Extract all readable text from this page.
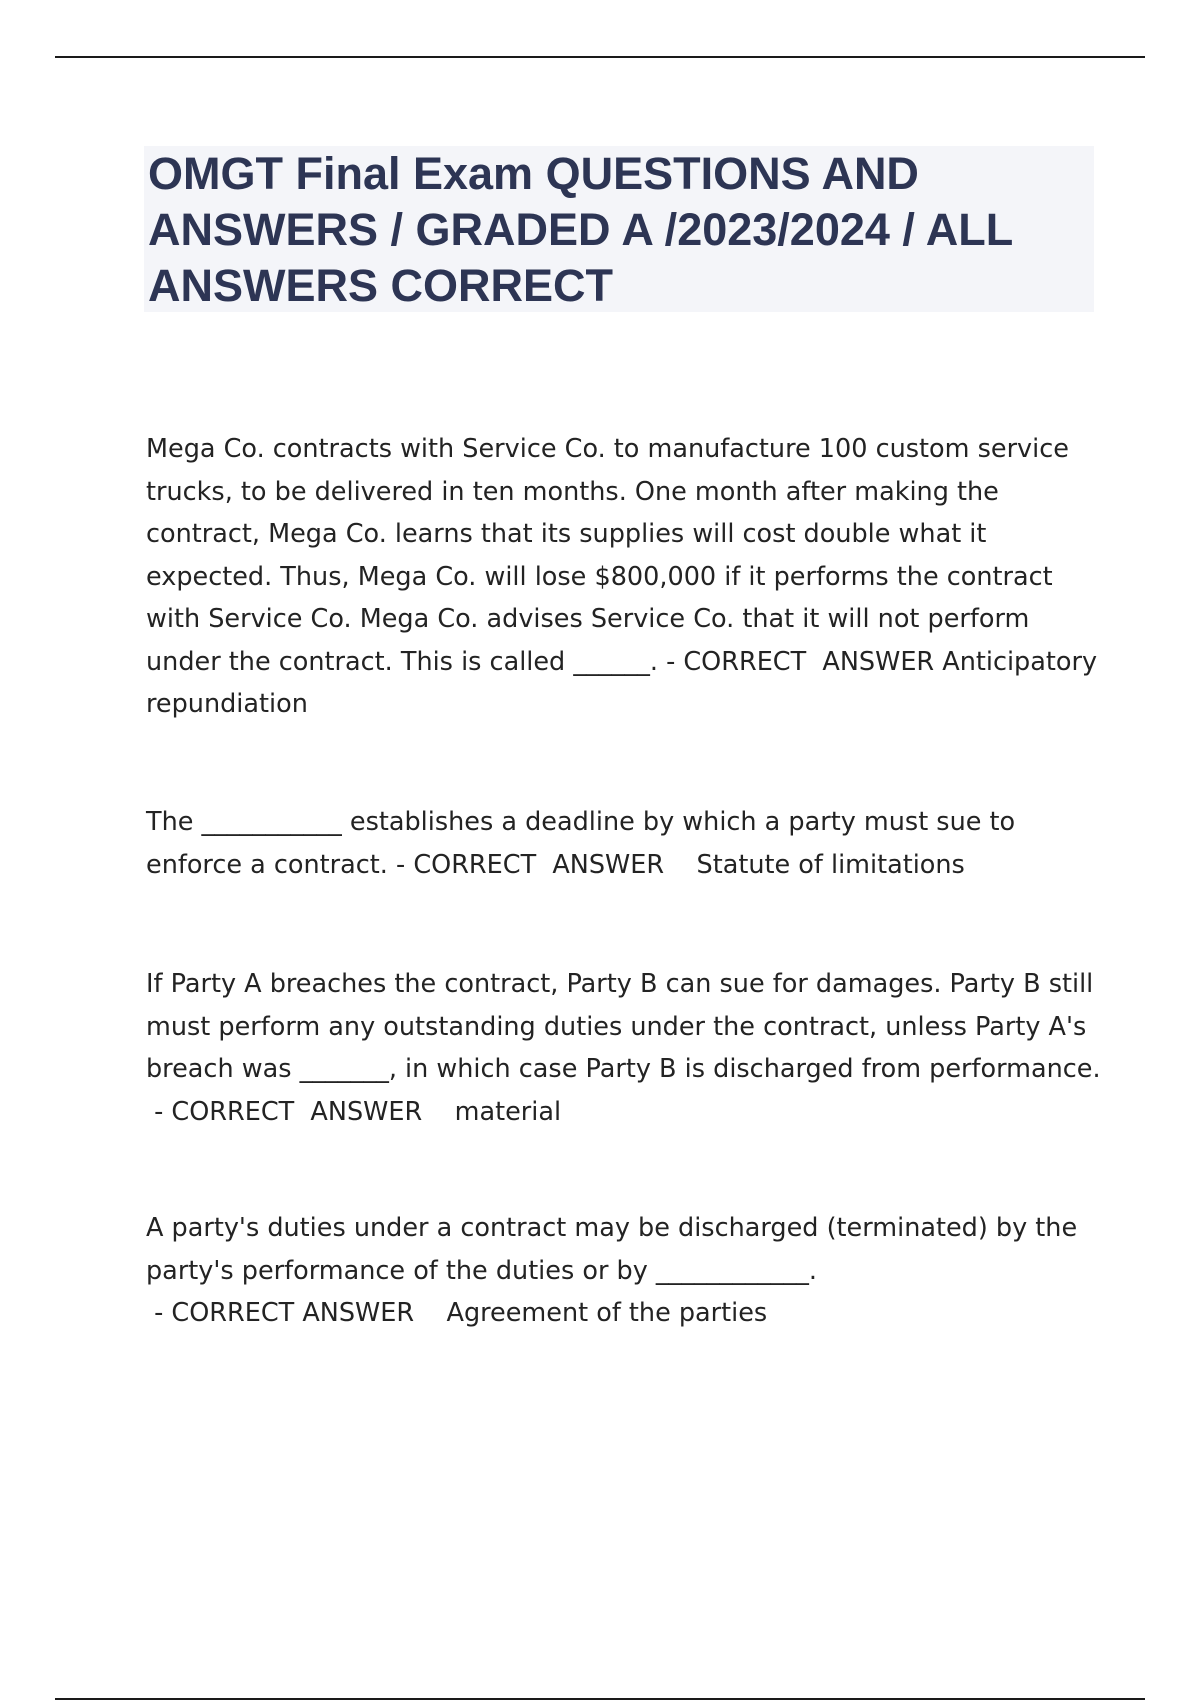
OMGT Final Exam QUESTIONS AND ANSWERS / GRADED A /2023/2024 / ALL ANSWERS CORRECT

Mega Co. contracts with Service Co. to manufacture 100 custom service trucks, to be delivered in ten months. One month after making the contract, Mega Co. learns that its supplies will cost double what it expected. Thus, Mega Co. will lose $800,000 if it performs the contract with Service Co. Mega Co. advises Service Co. that it will not perform under the contract. This is called ______. - CORRECT  ANSWER Anticipatory repundiation

The ___________ establishes a deadline by which a party must sue to enforce a contract. - CORRECT  ANSWER    Statute of limitations

If Party A breaches the contract, Party B can sue for damages. Party B still must perform any outstanding duties under the contract, unless Party A's breach was _______, in which case Party B is discharged from performance. - CORRECT  ANSWER    material

A party's duties under a contract may be discharged (terminated) by the party's performance of the duties or by ____________. - CORRECT ANSWER    Agreement of the parties
